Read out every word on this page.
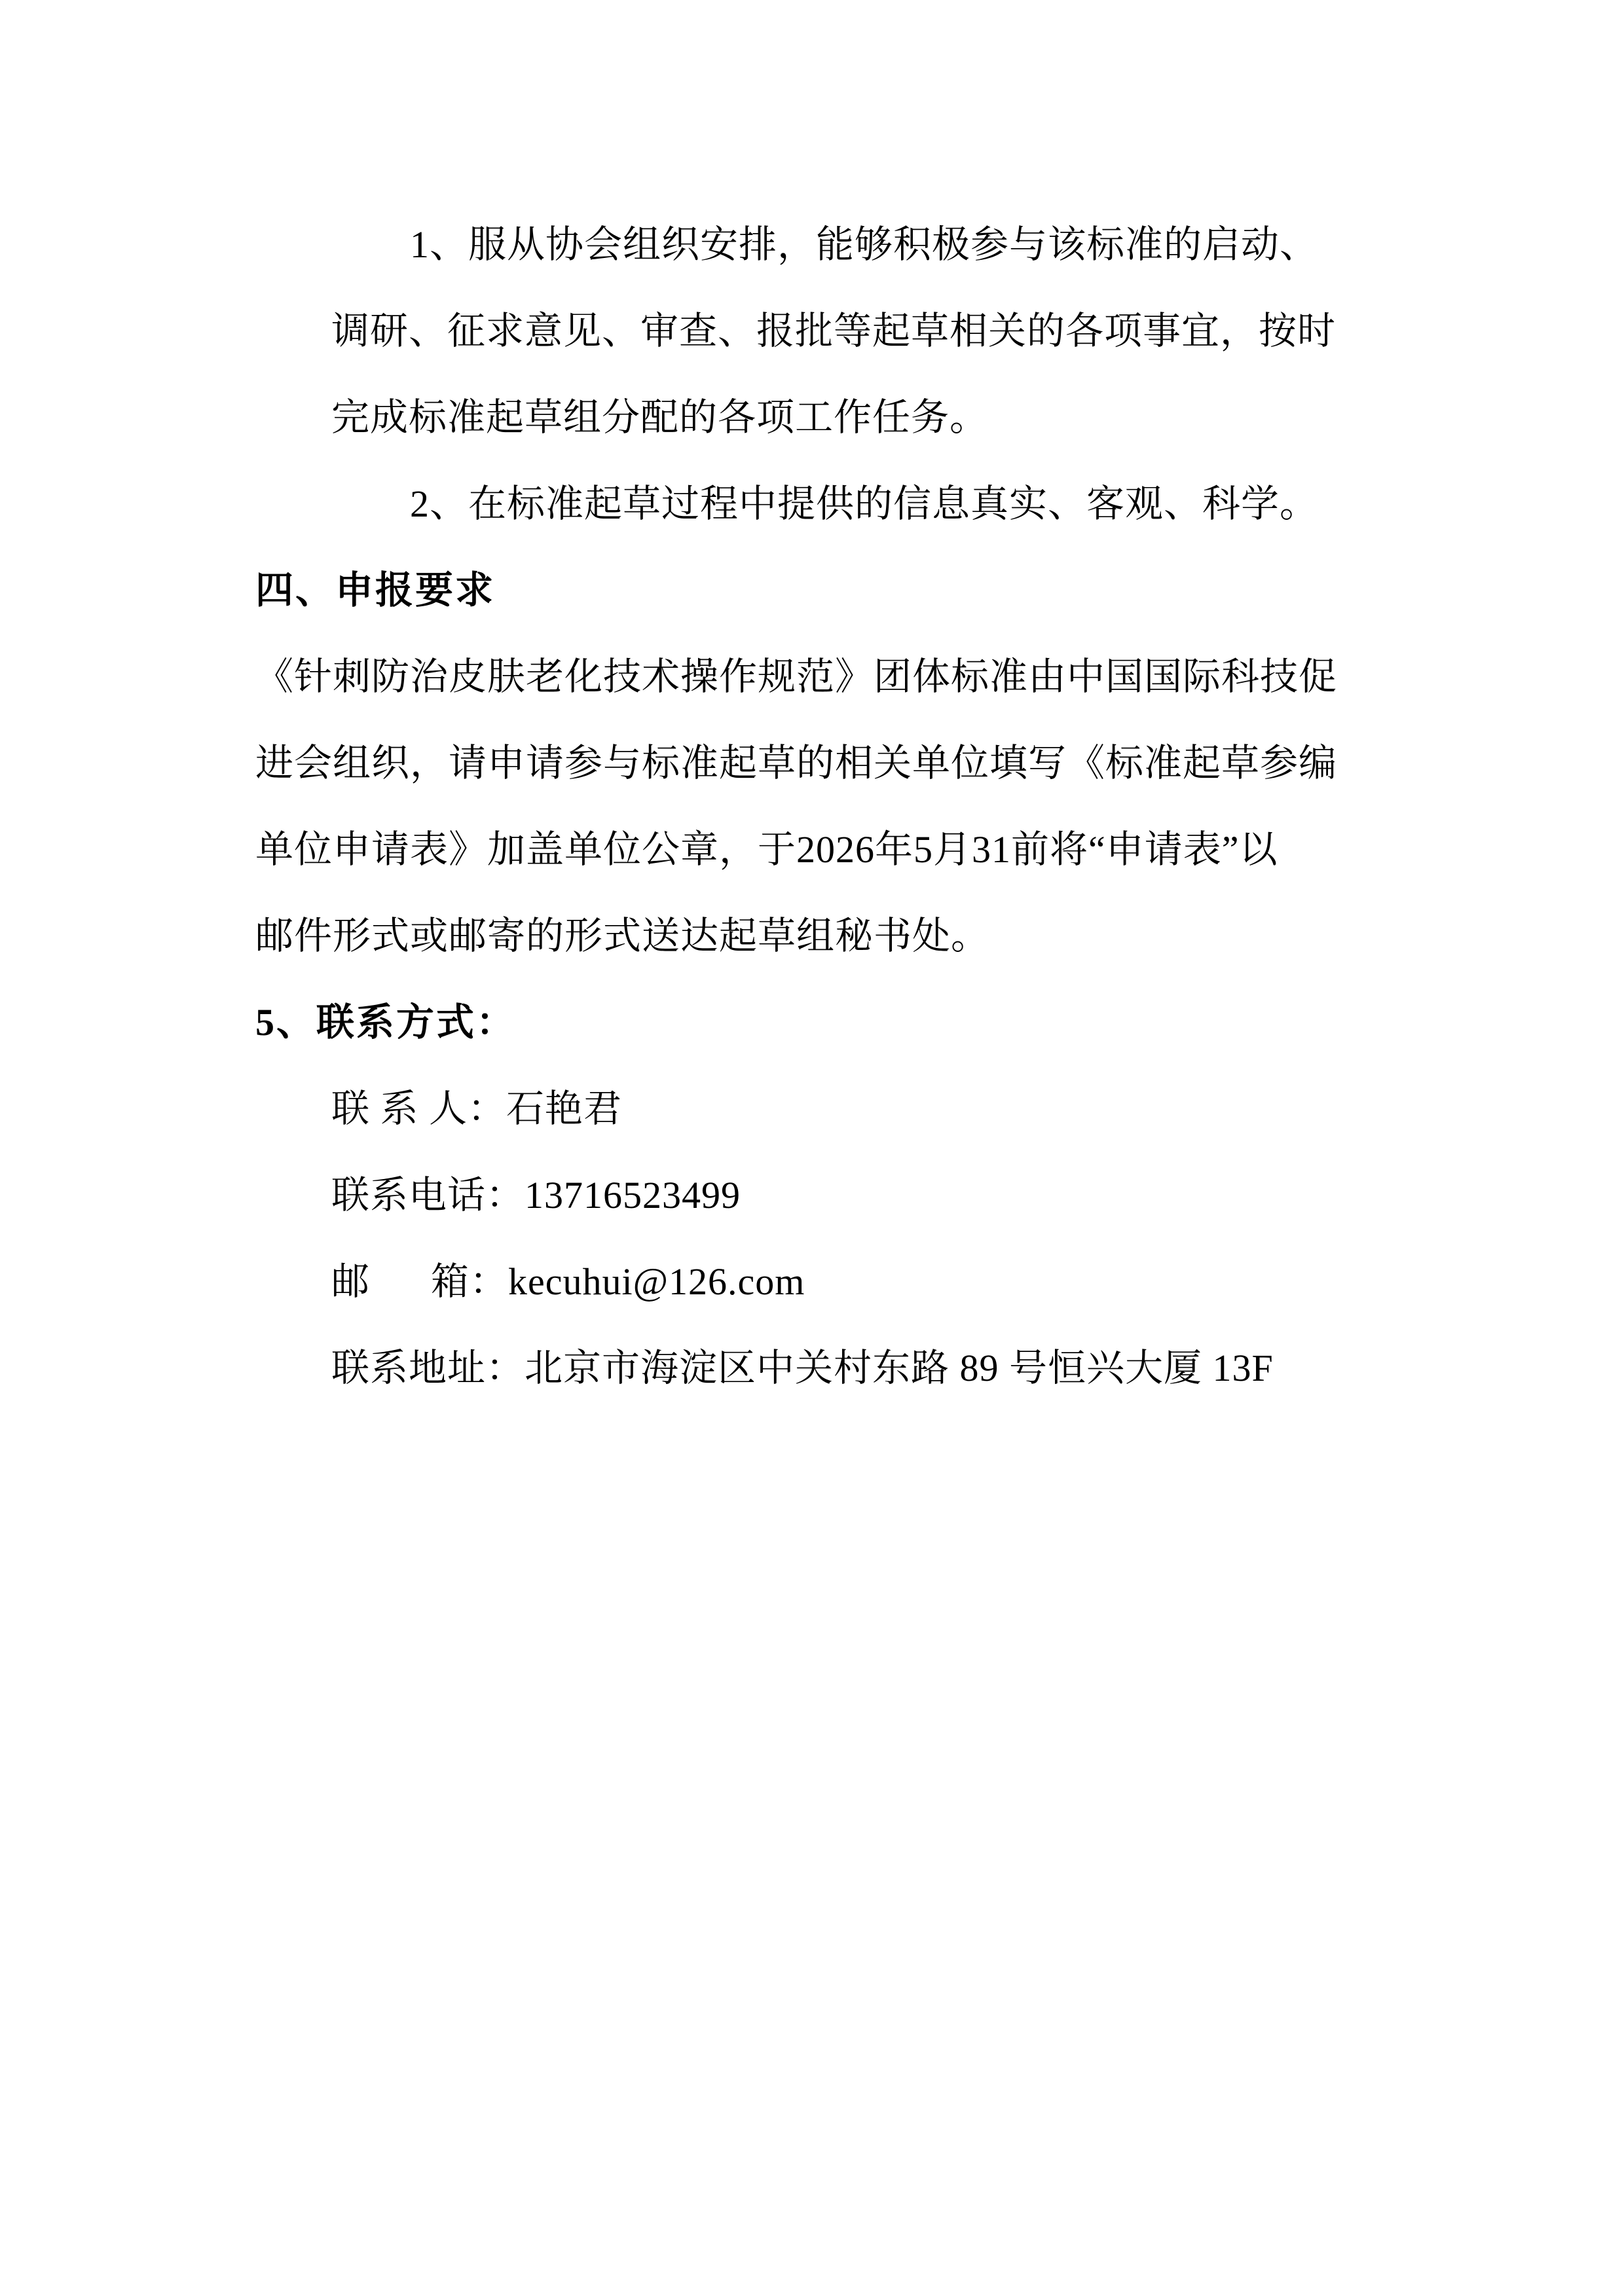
1、服从协会组织安排，能够积极参与该标准的启动、
调研、征求意见、审查、报批等起草相关的各项事宜，按时
完成标准起草组分配的各项工作任务。
2、在标准起草过程中提供的信息真实、客观、科学。
四、申报要求
《针刺防治皮肤老化技术操作规范》团体标准由中国国际科技促
进会组织，请申请参与标准起草的相关单位填写《标准起草参编
单位申请表》加盖单位公章，于2026年5月31前将“申请表”以
邮件形式或邮寄的形式送达起草组秘书处。
5、联系方式：
联 系 人：石艳君
联系电话：13716523499
邮      箱：kecuhui@126.com
联系地址：北京市海淀区中关村东路 89 号恒兴大厦 13F
